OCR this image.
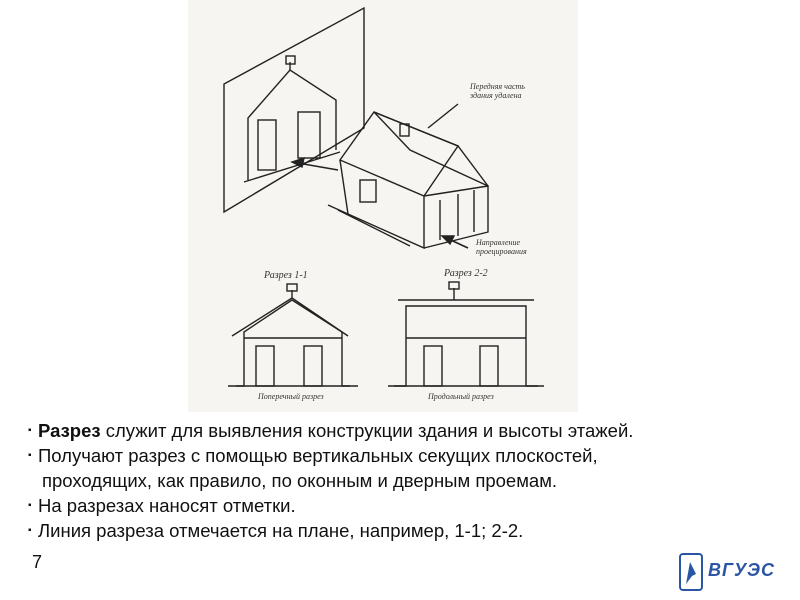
Передняя часть здания удалена
Направление проецирования
Разрез 1-1	Разрез 2-2
Поперечный разрез	Продольный разрез
▪ Разрез служит для выявления конструкции здания и высоты этажей.
▪ Получают разрез с помощью вертикальных секущих плоскостей,
проходящих, как правило, по оконным и дверным проемам.
▪ На разрезах наносят отметки.
▪ Линия разреза отмечается на плане, например, 1-1; 2-2.
7	ВГУЭС
